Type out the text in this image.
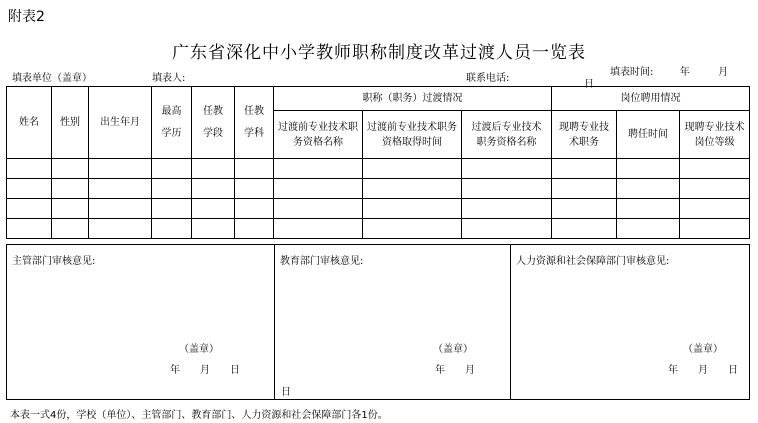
附表2
广东省深化中小学教师职称制度改革过渡人员一览表
填表单位（盖章）	填表人:	联系电话:
填表时间:	年	月
日
姓名	性别	出生年月	最高学历	任教学段	任教学科	职称（职务）过渡情况			岗位聘用情况		

						过渡前专业技术职务资格名称	过渡前专业技术职务资格取得时间	过渡后专业技术职务资格名称	现聘专业技术职务	聘任时间	现聘专业技术岗位等级

主管部门审核意见:
（盖章）
年 月 日

教育部门审核意见:
（盖章）
年 月
日

人力资源和社会保障部门审核意见:
（盖章）
年 月 日
本表一式4份，学校（单位）、主管部门、教育部门、人力资源和社会保障部门各1份。
